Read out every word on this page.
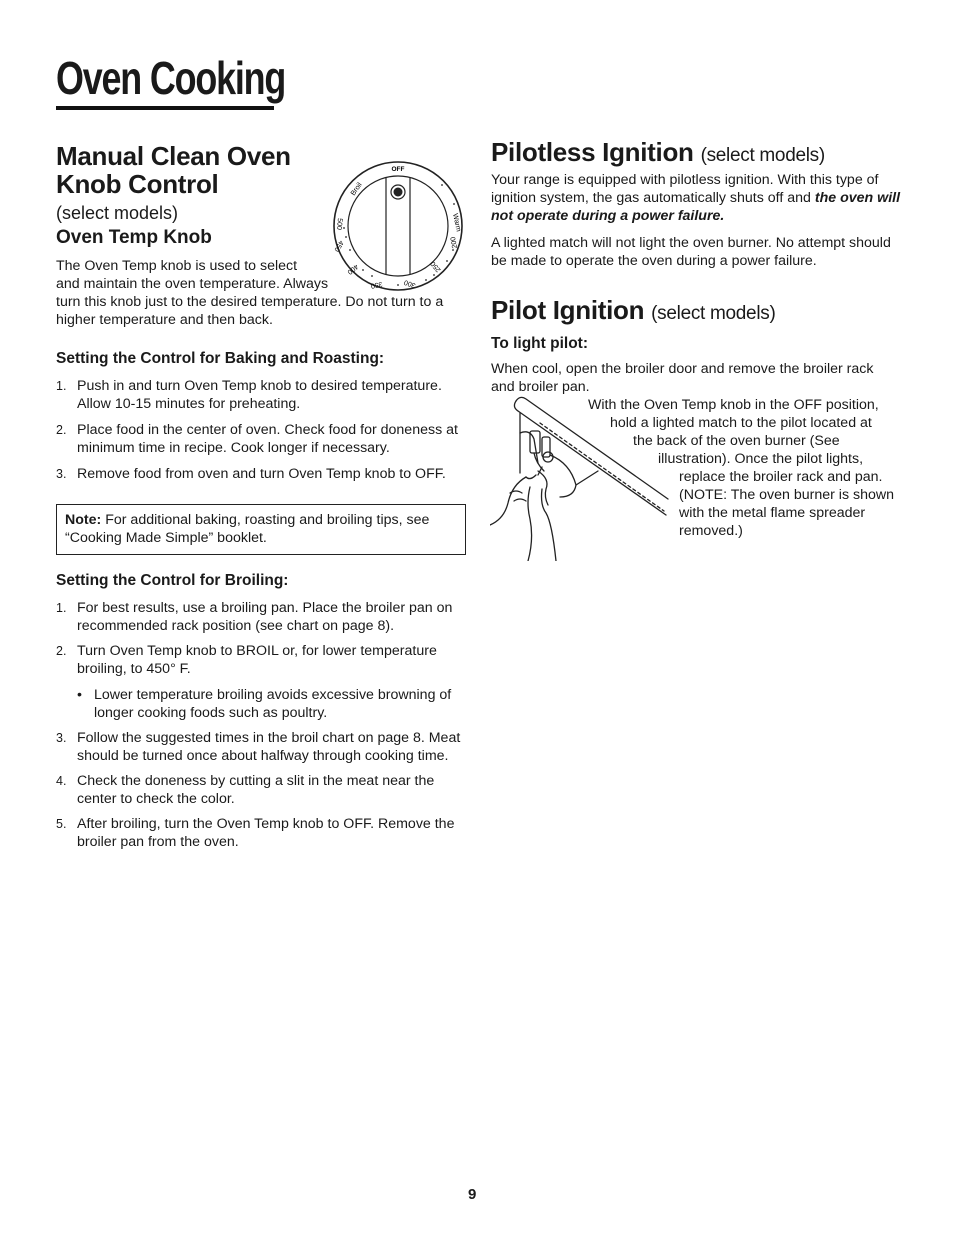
Oven Cooking
Manual Clean Oven
Knob Control
(select models)
Oven Temp Knob

The Oven Temp knob is used to select
and maintain the oven temperature. Always
turn this knob just to the desired temperature. Do not turn to a higher temperature and then back.

Setting the Control for Baking and Roasting:
1. Push in and turn Oven Temp knob to desired temperature. Allow 10-15 minutes for preheating.
2. Place food in the center of oven. Check food for doneness at minimum time in recipe. Cook longer if necessary.
3. Remove food from oven and turn Oven Temp knob to OFF.
Note: For additional baking, roasting and broiling tips, see “Cooking Made Simple” booklet.
Setting the Control for Broiling:
1. For best results, use a broiling pan. Place the broiler pan on recommended rack position (see chart on page 8).
2. Turn Oven Temp knob to BROIL or, for lower temperature broiling, to 450° F.
• Lower temperature broiling avoids excessive browning of longer cooking foods such as poultry.
3. Follow the suggested times in the broil chart on page 8. Meat should be turned once about halfway through cooking time.
4. Check the doneness by cutting a slit in the meat near the center to check the color.
5. After broiling, turn the Oven Temp knob to OFF. Remove the broiler pan from the oven.
OFF
Broil
Warm
500
450
400
350	300
250
200
Pilotless Ignition (select models)

Your range is equipped with pilotless ignition. With this type of ignition system, the gas automatically shuts off and the oven will not operate during a power failure.

A lighted match will not light the oven burner. No attempt should be made to operate the oven during a power failure.

Pilot Ignition (select models)
To light pilot:

When cool, open the broiler door and remove the broiler rack and broiler pan.

With the Oven Temp knob in the OFF position,
hold a lighted match to the pilot located at
the back of the oven burner (See
illustration). Once the pilot lights,
replace the broiler rack and pan.
(NOTE: The oven burner is shown
with the metal flame spreader
removed.)
9
